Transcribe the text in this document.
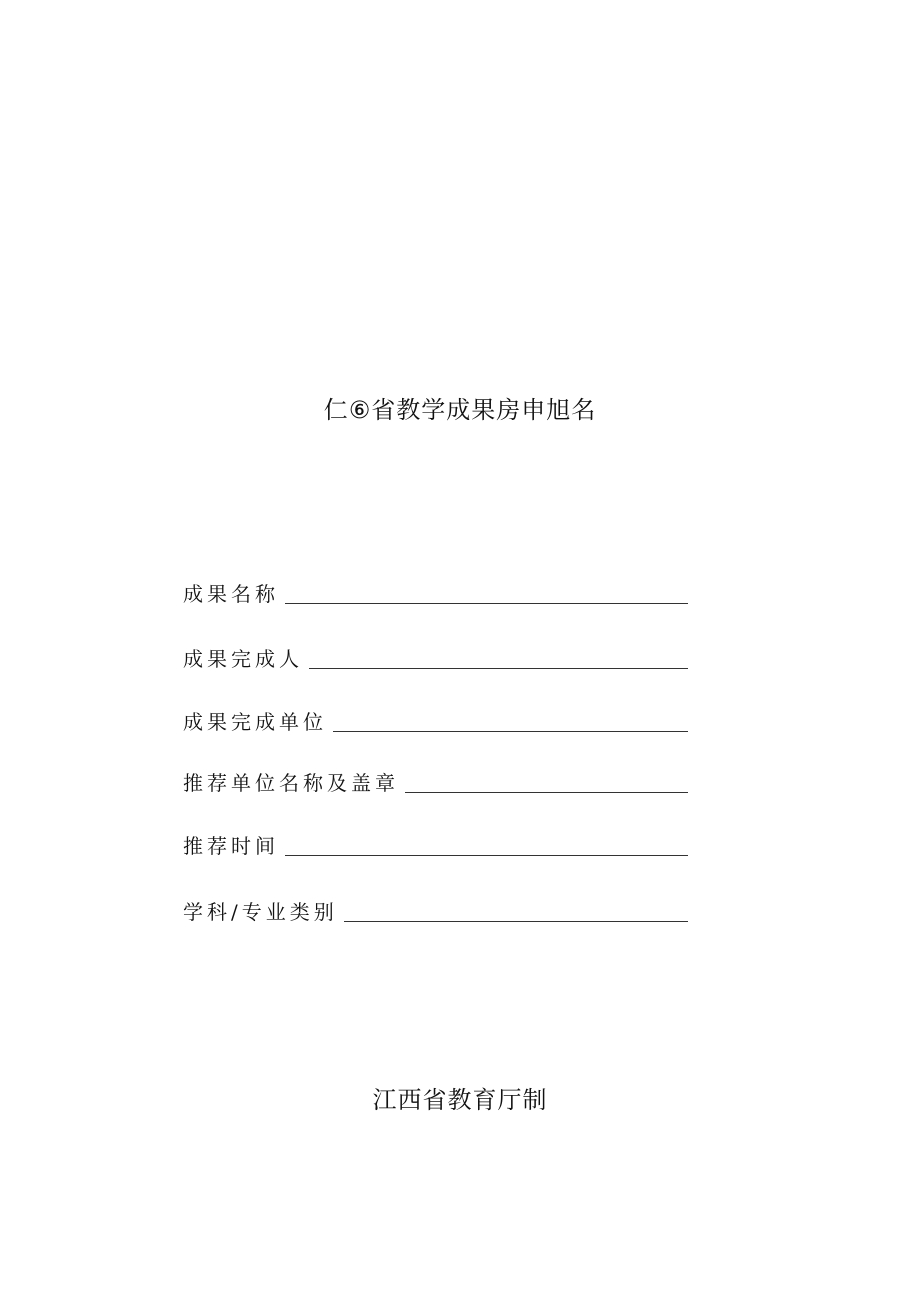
仁⑥省教学成果房申旭名
成果名称
成果完成人
成果完成单位
推荐单位名称及盖章
推荐时间
学科/专业类别
江西省教育厅制
